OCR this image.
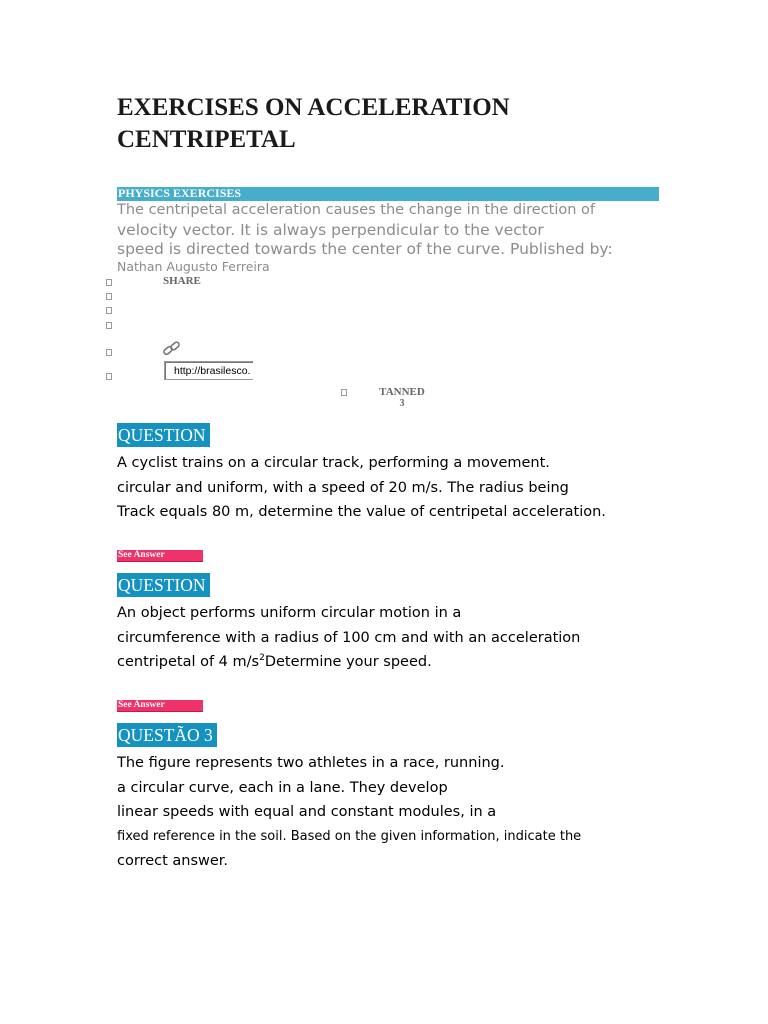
EXERCISES ON ACCELERATION
CENTRIPETAL
PHYSICS EXERCISES
The centripetal acceleration causes the change in the direction of
velocity vector. It is always perpendicular to the vector
speed is directed towards the center of the curve. Published by:
Nathan Augusto Ferreira
SHARE
http://brasilesco.l
TANNED
3
QUESTION
A cyclist trains on a circular track, performing a movement.
circular and uniform, with a speed of 20 m/s. The radius being
Track equals 80 m, determine the value of centripetal acceleration.
See Answer
QUESTION
An object performs uniform circular motion in a
circumference with a radius of 100 cm and with an acceleration
centripetal of 4 $m/s^2Determine$ your speed.
See Answer
QUESTÃO 3
The figure represents two athletes in a race, running.
a circular curve, each in a lane. They develop
linear speeds with equal and constant modules, in a
fixed reference in the soil. Based on the given information, indicate the
correct answer.
